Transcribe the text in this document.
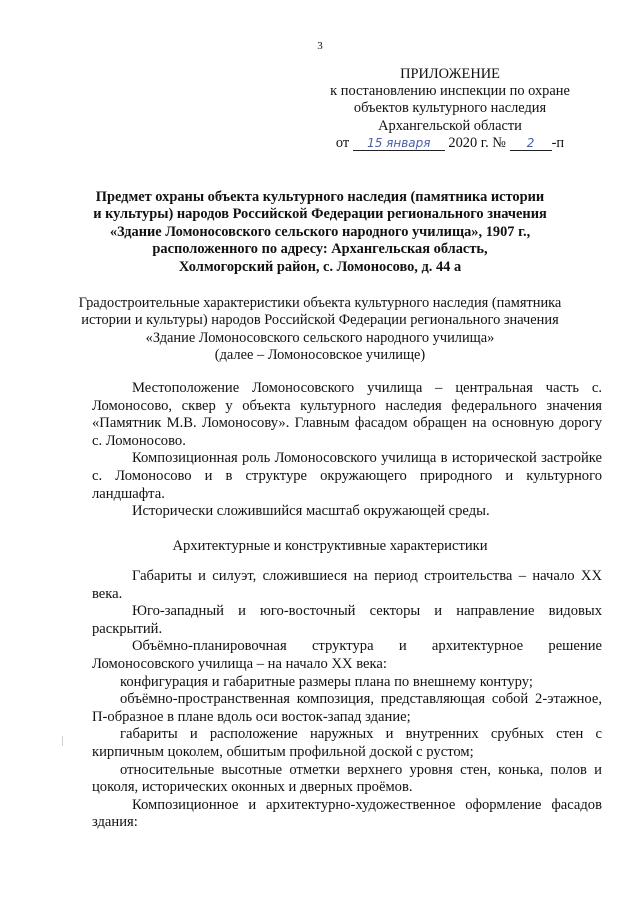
3
ПРИЛОЖЕНИЕ
к постановлению инспекции по охране
объектов культурного наследия
Архангельской области
от 15 января 2020 г. № 2 -п
Предмет охраны объекта культурного наследия (памятника истории
и культуры) народов Российской Федерации регионального значения
«Здание Ломоносовского сельского народного училища», 1907 г.,
расположенного по адресу: Архангельская область,
Холмогорский район, с. Ломоносово, д. 44 а
Градостроительные характеристики объекта культурного наследия (памятника
истории и культуры) народов Российской Федерации регионального значения
«Здание Ломоносовского сельского народного училища»
(далее – Ломоносовское училище)

Местоположение Ломоносовского училища – центральная часть с. Ломоносово, сквер у объекта культурного наследия федерального значения «Памятник М.В. Ломоносову». Главным фасадом обращен на основную дорогу с. Ломоносово.

Композиционная роль Ломоносовского училища в исторической застройке с. Ломоносово и в структуре окружающего природного и культурного ландшафта.

Исторически сложившийся масштаб окружающей среды.

Архитектурные и конструктивные характеристики

Габариты и силуэт, сложившиеся на период строительства – начало XX века.

Юго-западный и юго-восточный секторы и направление видовых раскрытий.

Объёмно-планировочная структура и архитектурное решение Ломоносовского училища – на начало XX века:

конфигурация и габаритные размеры плана по внешнему контуру;

объёмно-пространственная композиция, представляющая собой 2-этажное, П-образное в плане вдоль оси восток-запад здание;

габариты и расположение наружных и внутренних срубных стен с кирпичным цоколем, обшитым профильной доской с рустом;

относительные высотные отметки верхнего уровня стен, конька, полов и цоколя, исторических оконных и дверных проёмов.

Композиционное и архитектурно-художественное оформление фасадов здания:
